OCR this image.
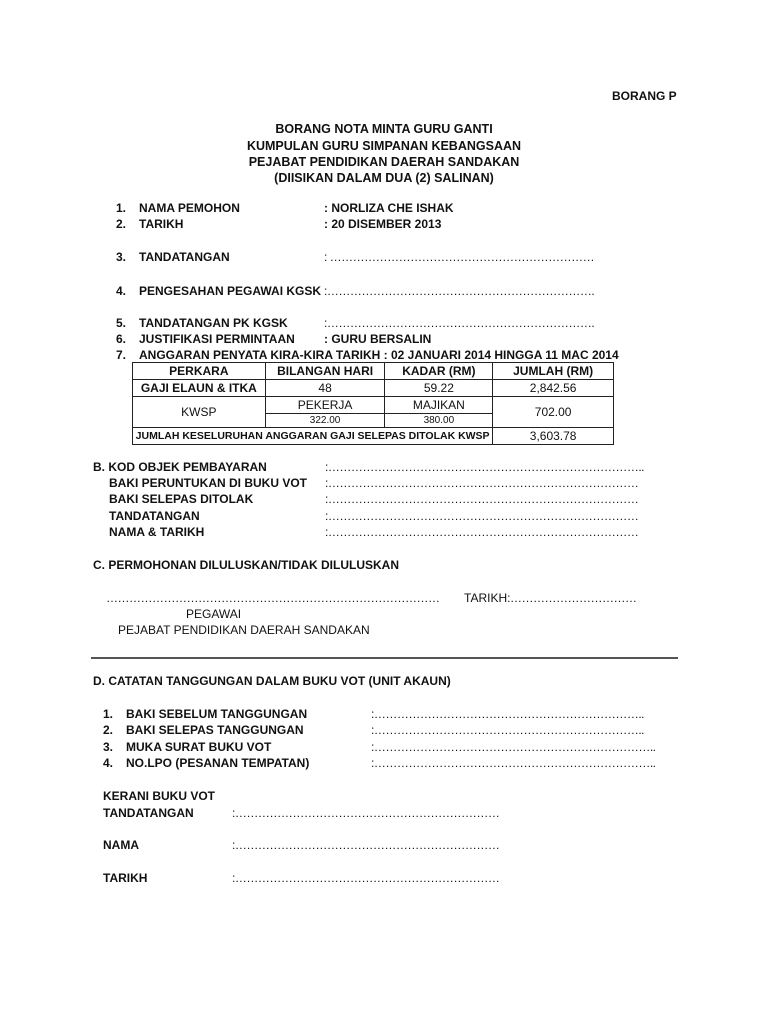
BORANG P
BORANG NOTA MINTA GURU GANTI
KUMPULAN GURU SIMPANAN KEBANGSAAN
PEJABAT PENDIDIKAN DAERAH SANDAKAN
(DIISIKAN DALAM DUA (2) SALINAN)
1. NAMA PEMOHON	: NORLIZA CHE ISHAK
2. TARIKH	: 20 DISEMBER 2013
3. TANDATANGAN	: ……………………………………………………………
4. PENGESAHAN PEGAWAI KGSK :…………………………………………………………….
5. TANDATANGAN PK KGSK	:…………………………………………………………….
6. JUSTIFIKASI PERMINTAAN : GURU BERSALIN
7. ANGGARAN PENYATA KIRA-KIRA TARIKH : 02 JANUARI 2014 HINGGA 11 MAC 2014
PERKARA	BILANGAN HARI	KADAR (RM)	JUMLAH (RM)
GAJI ELAUN & ITKA	48	59.22	2,842.56
KWSP	PEKERJA	MAJIKAN	702.00
	322.00	380.00	
JUMLAH KESELURUHAN ANGGARAN GAJI SELEPAS DITOLAK KWSP			3,603.78
B. KOD OBJEK PEMBAYARAN	:………………………………………………………………………..
BAKI PERUNTUKAN DI BUKU VOT :………………………………………………………………………
BAKI SELEPAS DITOLAK	:………………………………………………………………………
TANDATANGAN	:………………………………………………………………………
NAMA & TARIKH	:………………………………………………………………………
C. PERMOHONAN DILULUSKAN/TIDAK DILULUSKAN
…………………………………………………………………………… TARIKH: ……………………………
PEGAWAI
PEJABAT PENDIDIKAN DAERAH SANDAKAN
D. CATATAN TANGGUNGAN DALAM BUKU VOT (UNIT AKAUN)
1. BAKI SEBELUM TANGGUNGAN	:……………………………………………………………..
2. BAKI SELEPAS TANGGUNGAN	:……………………………………………………………..
3. MUKA SURAT BUKU VOT	:………………………………………………………………..
4. NO.LPO (PESANAN TEMPATAN)	:………………………………………………………………..
KERANI BUKU VOT
TANDATANGAN	:……………………………………………………………
NAMA	:……………………………………………………………
TARIKH	:……………………………………………………………
